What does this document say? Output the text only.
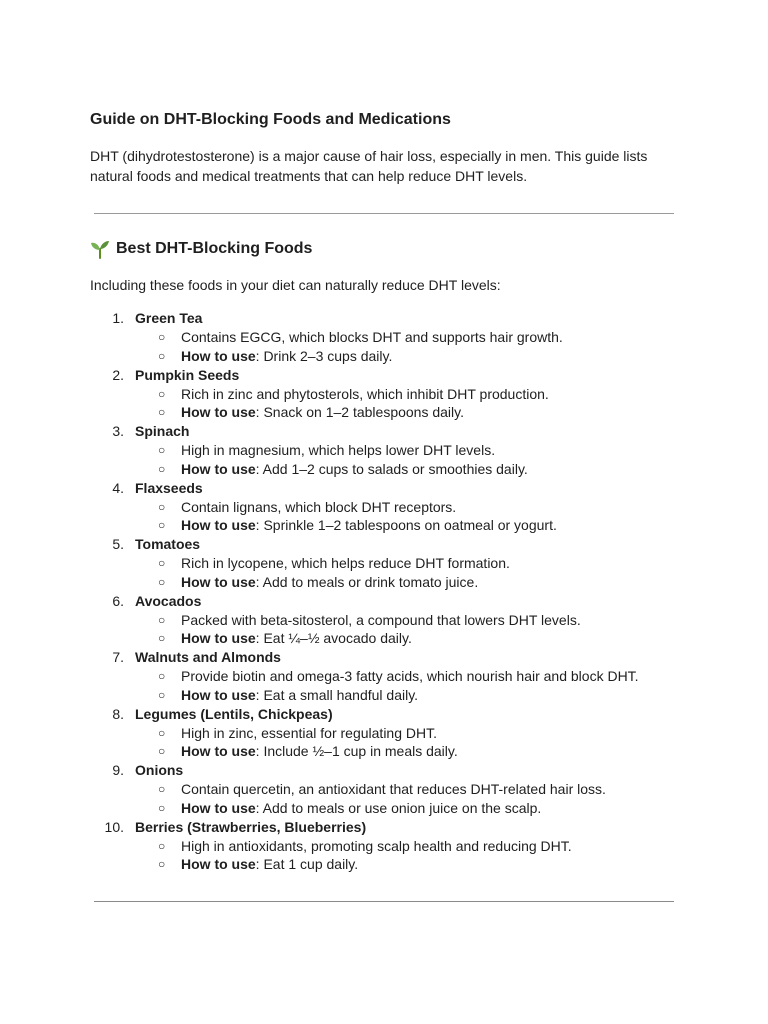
Guide on DHT-Blocking Foods and Medications

DHT (dihydrotestosterone) is a major cause of hair loss, especially in men. This guide lists natural foods and medical treatments that can help reduce DHT levels.

Best DHT-Blocking Foods

Including these foods in your diet can naturally reduce DHT levels:

1. Green Tea
○ Contains EGCG, which blocks DHT and supports hair growth.
○ How to use: Drink 2–3 cups daily.
2. Pumpkin Seeds
○ Rich in zinc and phytosterols, which inhibit DHT production.
○ How to use: Snack on 1–2 tablespoons daily.
3. Spinach
○ High in magnesium, which helps lower DHT levels.
○ How to use: Add 1–2 cups to salads or smoothies daily.
4. Flaxseeds
○ Contain lignans, which block DHT receptors.
○ How to use: Sprinkle 1–2 tablespoons on oatmeal or yogurt.
5. Tomatoes
○ Rich in lycopene, which helps reduce DHT formation.
○ How to use: Add to meals or drink tomato juice.
6. Avocados
○ Packed with beta-sitosterol, a compound that lowers DHT levels.
○ How to use: Eat ¼–½ avocado daily.
7. Walnuts and Almonds
○ Provide biotin and omega-3 fatty acids, which nourish hair and block DHT.
○ How to use: Eat a small handful daily.
8. Legumes (Lentils, Chickpeas)
○ High in zinc, essential for regulating DHT.
○ How to use: Include ½–1 cup in meals daily.
9. Onions
○ Contain quercetin, an antioxidant that reduces DHT-related hair loss.
○ How to use: Add to meals or use onion juice on the scalp.
10. Berries (Strawberries, Blueberries)
○ High in antioxidants, promoting scalp health and reducing DHT.
○ How to use: Eat 1 cup daily.
